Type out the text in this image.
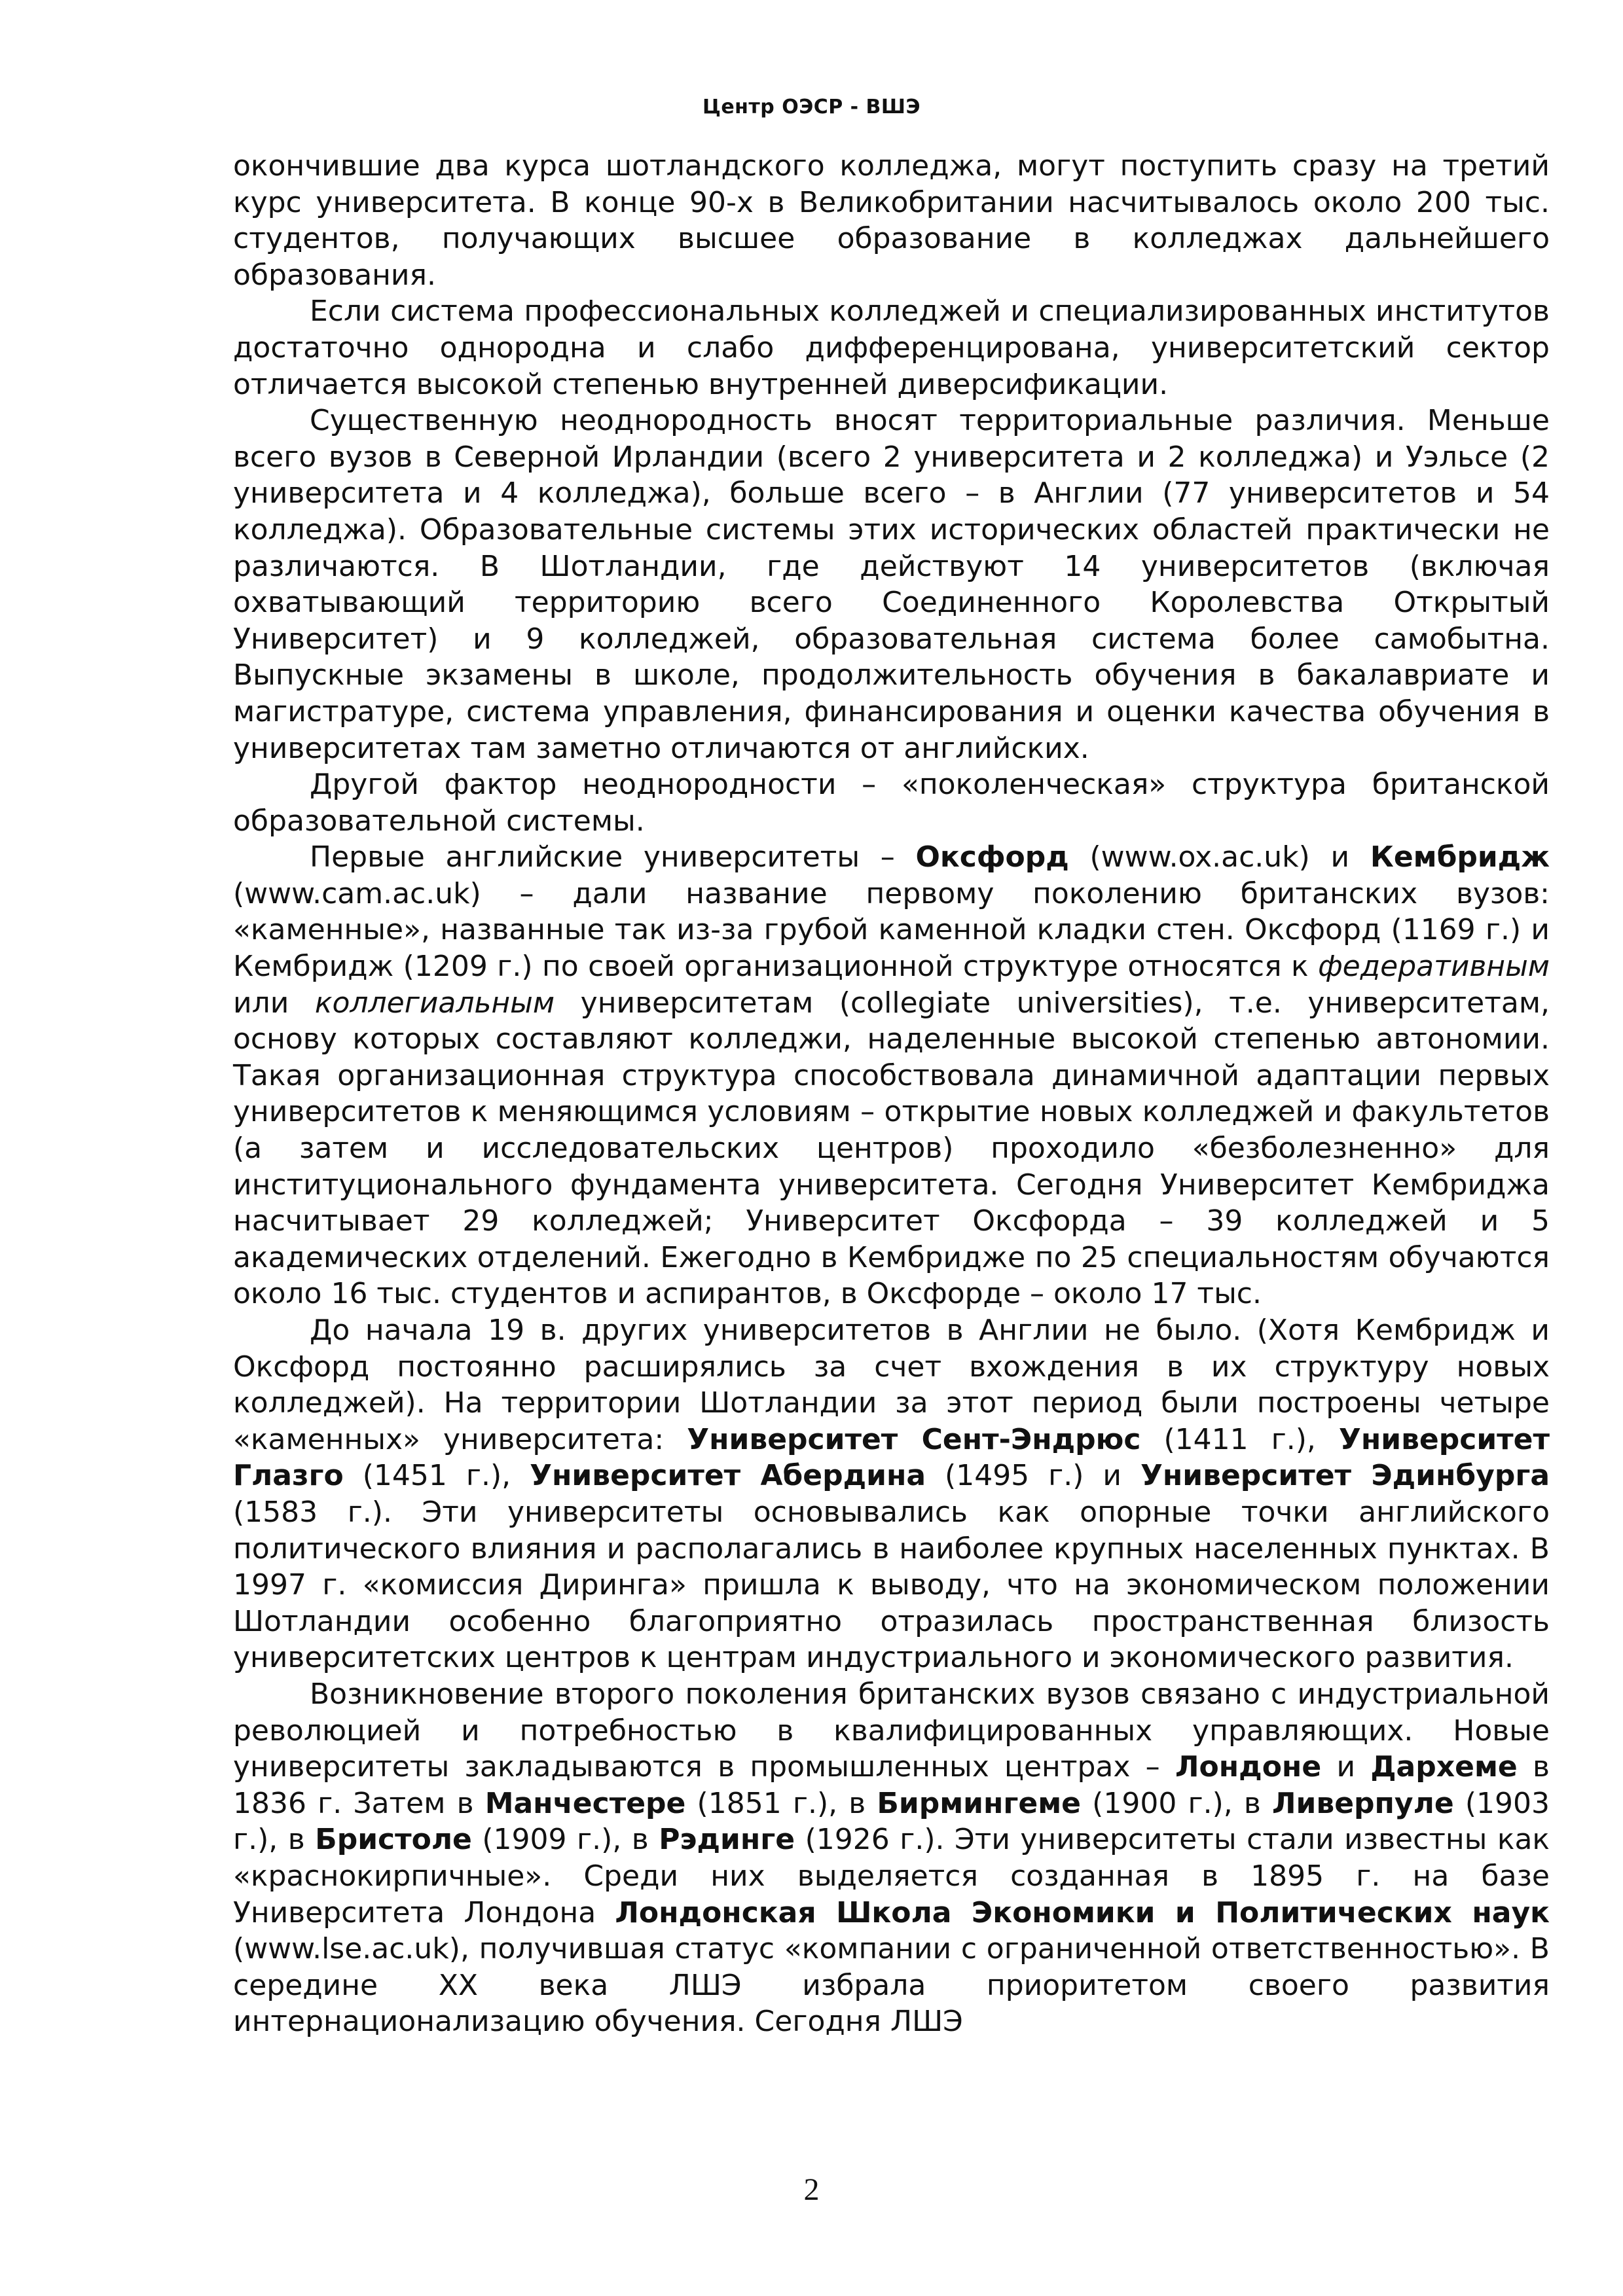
Центр ОЭСР - ВШЭ

окончившие два курса шотландского колледжа, могут поступить сразу на третий курс университета. В конце 90-х в Великобритании насчитывалось около 200 тыс. студентов, получающих высшее образование в колледжах дальнейшего образования.

Если система профессиональных колледжей и специализированных институтов достаточно однородна и слабо дифференцирована, университетский сектор отличается высокой степенью внутренней диверсификации.

Существенную неоднородность вносят территориальные различия. Меньше всего вузов в Северной Ирландии (всего 2 университета и 2 колледжа) и Уэльсе (2 университета и 4 колледжа), больше всего – в Англии (77 университетов и 54 колледжа). Образовательные системы этих исторических областей практически не различаются. В Шотландии, где действуют 14 университетов (включая охватывающий территорию всего Соединенного Королевства Открытый Университет) и 9 колледжей, образовательная система более самобытна. Выпускные экзамены в школе, продолжительность обучения в бакалавриате и магистратуре, система управления, финансирования и оценки качества обучения в университетах там заметно отличаются от английских.

Другой фактор неоднородности – «поколенческая» структура британской образовательной системы.

Первые английские университеты – Оксфорд (www.ox.ac.uk) и Кембридж (www.cam.ac.uk) – дали название первому поколению британских вузов: «каменные», названные так из-за грубой каменной кладки стен. Оксфорд (1169 г.) и Кембридж (1209 г.) по своей организационной структуре относятся к федеративным или коллегиальным университетам (collegiate universities), т.е. университетам, основу которых составляют колледжи, наделенные высокой степенью автономии. Такая организационная структура способствовала динамичной адаптации первых университетов к меняющимся условиям – открытие новых колледжей и факультетов (а затем и исследовательских центров) проходило «безболезненно» для институционального фундамента университета. Сегодня Университет Кембриджа насчитывает 29 колледжей; Университет Оксфорда – 39 колледжей и 5 академических отделений. Ежегодно в Кембридже по 25 специальностям обучаются около 16 тыс. студентов и аспирантов, в Оксфорде – около 17 тыс.

До начала 19 в. других университетов в Англии не было. (Хотя Кембридж и Оксфорд постоянно расширялись за счет вхождения в их структуру новых колледжей). На территории Шотландии за этот период были построены четыре «каменных» университета: Университет Сент-Эндрюс (1411 г.), Университет Глазго (1451 г.), Университет Абердина (1495 г.) и Университет Эдинбурга (1583 г.). Эти университеты основывались как опорные точки английского политического влияния и располагались в наиболее крупных населенных пунктах. В 1997 г. «комиссия Диринга» пришла к выводу, что на экономическом положении Шотландии особенно благоприятно отразилась пространственная близость университетских центров к центрам индустриального и экономического развития.

Возникновение второго поколения британских вузов связано с индустриальной революцией и потребностью в квалифицированных управляющих. Новые университеты закладываются в промышленных центрах – Лондоне и Дархеме в 1836 г. Затем в Манчестере (1851 г.), в Бирмингеме (1900 г.), в Ливерпуле (1903 г.), в Бристоле (1909 г.), в Рэдинге (1926 г.). Эти университеты стали известны как «краснокирпичные». Среди них выделяется созданная в 1895 г. на базе Университета Лондона Лондонская Школа Экономики и Политических наук (www.lse.ac.uk), получившая статус «компании с ограниченной ответственностью». В середине XX века ЛШЭ избрала приоритетом своего развития интернационализацию обучения. Сегодня ЛШЭ

2
